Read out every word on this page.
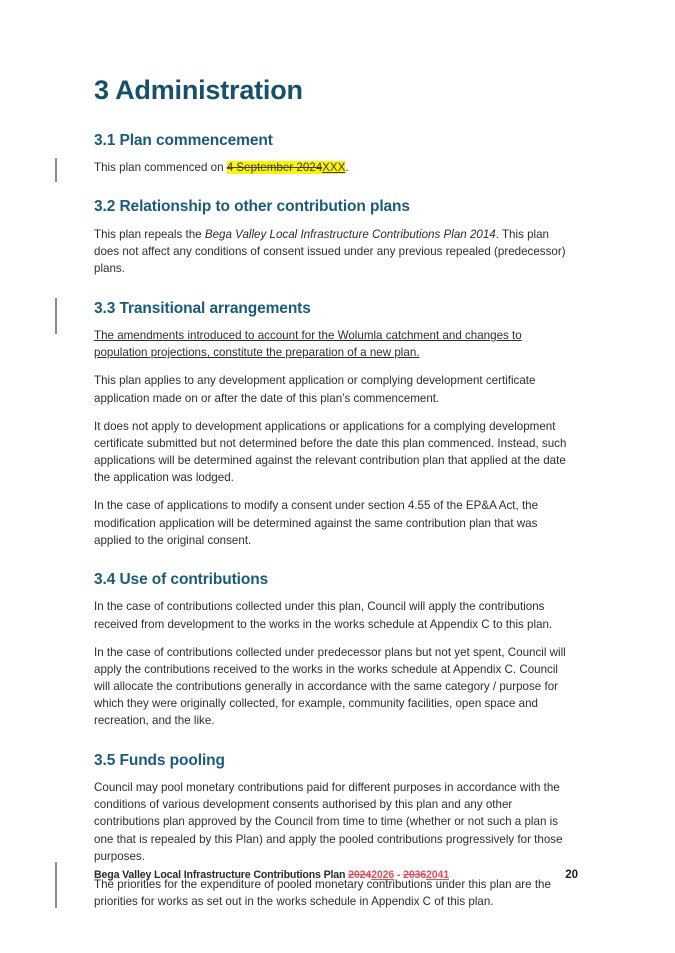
3 Administration
3.1 Plan commencement

This plan commenced on 4 September 2024XXX.

3.2 Relationship to other contribution plans

This plan repeals the Bega Valley Local Infrastructure Contributions Plan 2014. This plan does not affect any conditions of consent issued under any previous repealed (predecessor) plans.

3.3 Transitional arrangements

The amendments introduced to account for the Wolumla catchment and changes to population projections, constitute the preparation of a new plan.

This plan applies to any development application or complying development certificate application made on or after the date of this plan’s commencement.

It does not apply to development applications or applications for a complying development certificate submitted but not determined before the date this plan commenced. Instead, such applications will be determined against the relevant contribution plan that applied at the date the application was lodged.

In the case of applications to modify a consent under section 4.55 of the EP&A Act, the modification application will be determined against the same contribution plan that was applied to the original consent.

3.4 Use of contributions

In the case of contributions collected under this plan, Council will apply the contributions received from development to the works in the works schedule at Appendix C to this plan.

In the case of contributions collected under predecessor plans but not yet spent, Council will apply the contributions received to the works in the works schedule at Appendix C. Council will allocate the contributions generally in accordance with the same category / purpose for which they were originally collected, for example, community facilities, open space and recreation, and the like.

3.5 Funds pooling

Council may pool monetary contributions paid for different purposes in accordance with the conditions of various development consents authorised by this plan and any other contributions plan approved by the Council from time to time (whether or not such a plan is one that is repealed by this Plan) and apply the pooled contributions progressively for those purposes.

The priorities for the expenditure of pooled monetary contributions under this plan are the priorities for works as set out in the works schedule in Appendix C of this plan.

Bega Valley Local Infrastructure Contributions Plan 20242026 - 20362041	20
